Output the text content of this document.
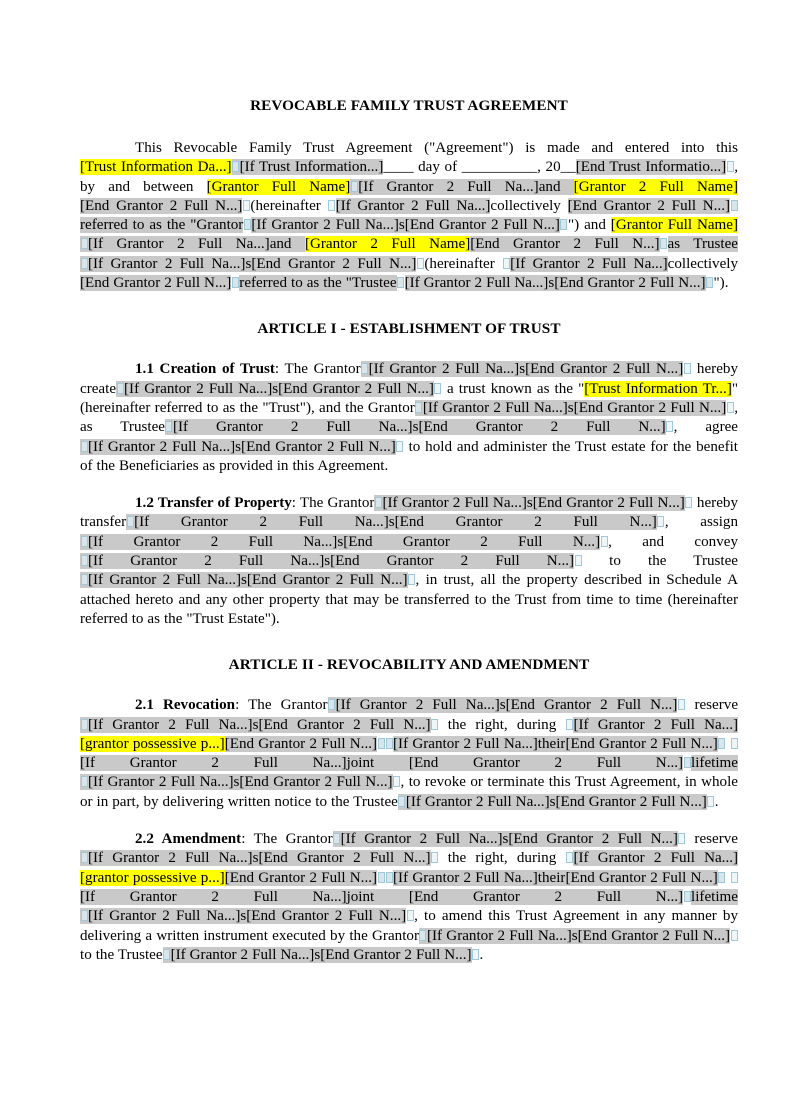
REVOCABLE FAMILY TRUST AGREEMENT

This Revocable Family Trust Agreement ("Agreement") is made and entered into this [Trust Information Da...] [If Trust Information...]____ day of __________, 20__[End Trust Informatio...] , by and between [Grantor Full Name] [If Grantor 2 Full Na...]and [Grantor 2 Full Name][End Grantor 2 Full N...] (hereinafter [If Grantor 2 Full Na...]collectively [End Grantor 2 Full N...]referred to as the "Grantor [If Grantor 2 Full Na...]s[End Grantor 2 Full N...] ") and [Grantor Full Name][If Grantor 2 Full Na...]and [Grantor 2 Full Name][End Grantor 2 Full N...] as Trustee[If Grantor 2 Full Na...]s[End Grantor 2 Full N...] (hereinafter [If Grantor 2 Full Na...]collectively [End Grantor 2 Full N...] referred to as the "Trustee [If Grantor 2 Full Na...]s[End Grantor 2 Full N...] ").

ARTICLE I - ESTABLISHMENT OF TRUST

1.1 Creation of Trust: The Grantor [If Grantor 2 Full Na...]s[End Grantor 2 Full N...] hereby create [If Grantor 2 Full Na...]s[End Grantor 2 Full N...] a trust known as the "[Trust Information Tr...]" (hereinafter referred to as the "Trust"), and the Grantor [If Grantor 2 Full Na...]s[End Grantor 2 Full N...] , as Trustee [If Grantor 2 Full Na...]s[End Grantor 2 Full N...] , agree[If Grantor 2 Full Na...]s[End Grantor 2 Full N...] to hold and administer the Trust estate for the benefit of the Beneficiaries as provided in this Agreement.

1.2 Transfer of Property: The Grantor [If Grantor 2 Full Na...]s[End Grantor 2 Full N...] hereby transfer [If Grantor 2 Full Na...]s[End Grantor 2 Full N...] , assign[If Grantor 2 Full Na...]s[End Grantor 2 Full N...] , and convey[If Grantor 2 Full Na...]s[End Grantor 2 Full N...] to the Trustee[If Grantor 2 Full Na...]s[End Grantor 2 Full N...] , in trust, all the property described in Schedule A attached hereto and any other property that may be transferred to the Trust from time to time (hereinafter referred to as the "Trust Estate").

ARTICLE II - REVOCABILITY AND AMENDMENT

2.1 Revocation: The Grantor [If Grantor 2 Full Na...]s[End Grantor 2 Full N...] reserve[If Grantor 2 Full Na...]s[End Grantor 2 Full N...] the right, during [If Grantor 2 Full Na...][grantor possessive p...][End Grantor 2 Full N...] [If Grantor 2 Full Na...]their[End Grantor 2 Full N...] [If Grantor 2 Full Na...]joint [End Grantor 2 Full N...] lifetime[If Grantor 2 Full Na...]s[End Grantor 2 Full N...] , to revoke or terminate this Trust Agreement, in whole or in part, by delivering written notice to the Trustee [If Grantor 2 Full Na...]s[End Grantor 2 Full N...] .

2.2 Amendment: The Grantor [If Grantor 2 Full Na...]s[End Grantor 2 Full N...] reserve[If Grantor 2 Full Na...]s[End Grantor 2 Full N...] the right, during [If Grantor 2 Full Na...][grantor possessive p...][End Grantor 2 Full N...] [If Grantor 2 Full Na...]their[End Grantor 2 Full N...] [If Grantor 2 Full Na...]joint [End Grantor 2 Full N...] lifetime[If Grantor 2 Full Na...]s[End Grantor 2 Full N...] , to amend this Trust Agreement in any manner by delivering a written instrument executed by the Grantor [If Grantor 2 Full Na...]s[End Grantor 2 Full N...] to the Trustee [If Grantor 2 Full Na...]s[End Grantor 2 Full N...] .
